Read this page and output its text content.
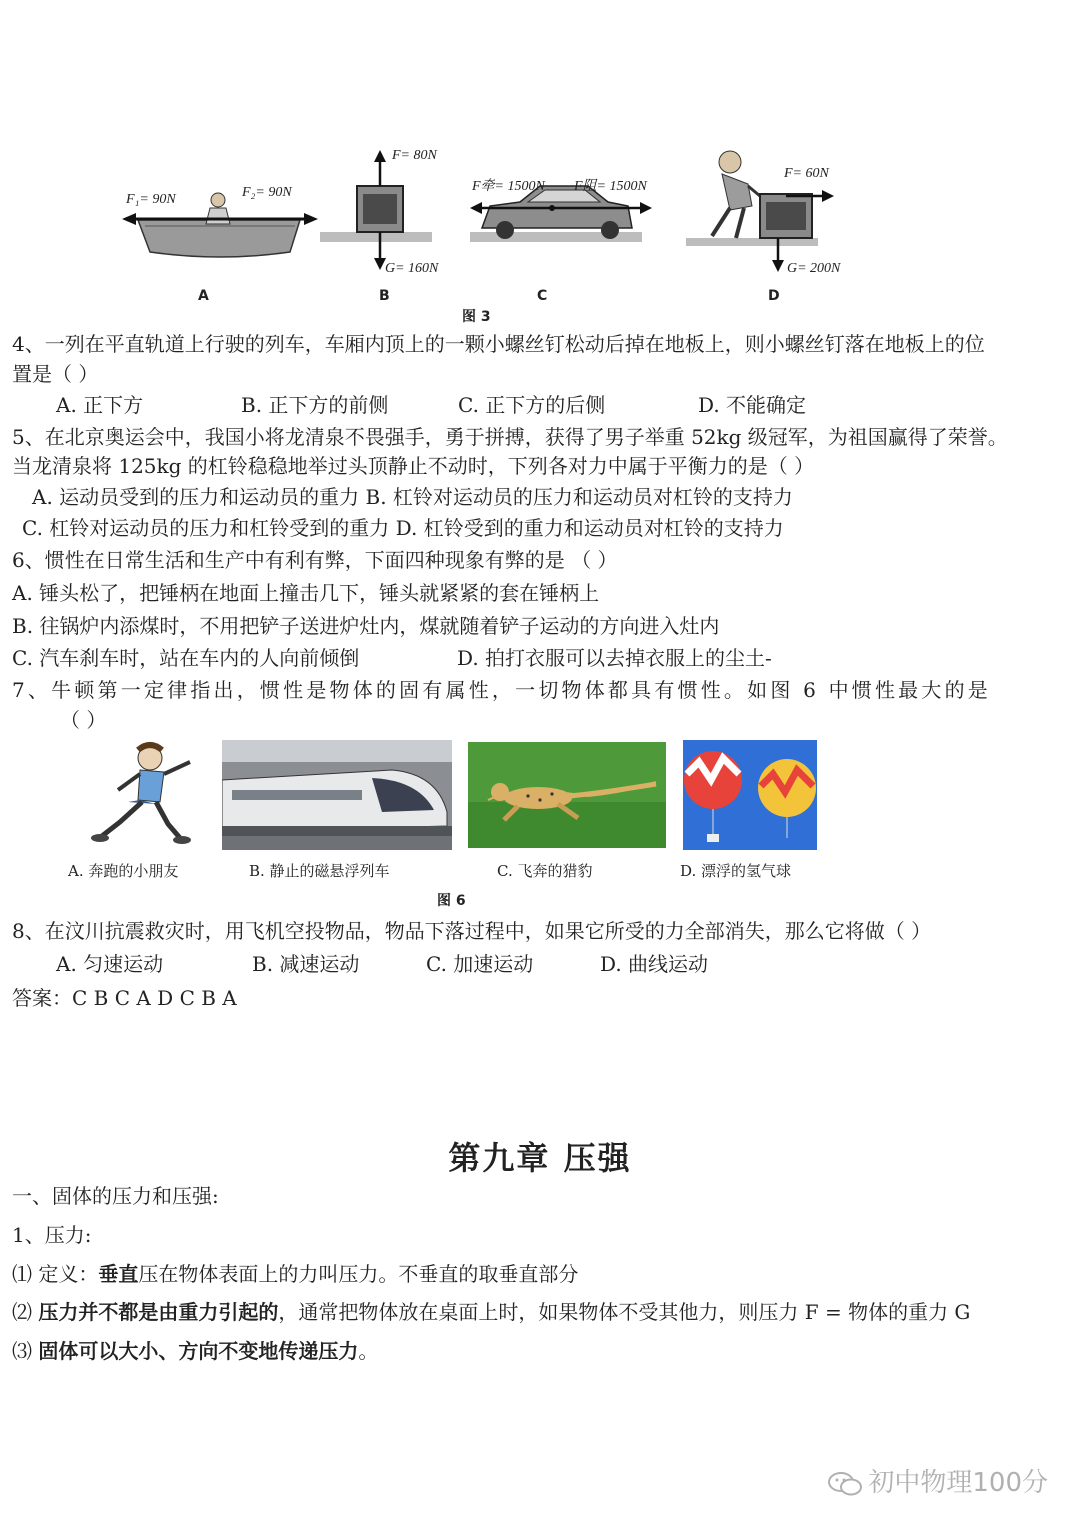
F₁= 90N	F₂= 90N
F= 80N
G= 160N
F牵= 1500N F阻= 1500N
F= 60N
G= 200N
A	B	C	D
图 3
4、一列在平直轨道上行驶的列车，车厢内顶上的一颗小螺丝钉松动后掉在地板上，则小螺丝钉落在地板上的位
置是（ ）
A. 正下方	B. 正下方的前侧	C. 正下方的后侧	D. 不能确定
5、在北京奥运会中，我国小将龙清泉不畏强手，勇于拼搏，获得了男子举重 52kg 级冠军，为祖国赢得了荣誉。
当龙清泉将 125kg 的杠铃稳稳地举过头顶静止不动时，下列各对力中属于平衡力的是（ ）
A. 运动员受到的压力和运动员的重力 B. 杠铃对运动员的压力和运动员对杠铃的支持力
C. 杠铃对运动员的压力和杠铃受到的重力 D. 杠铃受到的重力和运动员对杠铃的支持力
6、惯性在日常生活和生产中有利有弊，下面四种现象有弊的是 （ ）
A. 锤头松了，把锤柄在地面上撞击几下，锤头就紧紧的套在锤柄上
B. 往锅炉内添煤时，不用把铲子送进炉灶内，煤就随着铲子运动的方向进入灶内
C. 汽车刹车时，站在车内的人向前倾倒	D. 拍打衣服可以去掉衣服上的尘土-
7、牛顿第一定律指出，惯性是物体的固有属性，一切物体都具有惯性。如图 6 中惯性最大的是
（ ）
A. 奔跑的小朋友	B. 静止的磁悬浮列车	C. 飞奔的猎豹	D. 漂浮的氢气球
图 6
8、在汶川抗震救灾时，用飞机空投物品，物品下落过程中，如果它所受的力全部消失，那么它将做（ ）
A. 匀速运动	B. 减速运动	C. 加速运动	D. 曲线运动
答案：C B C A D C B A
第九章 压强
一、固体的压力和压强:
1、压力:
⑴ 定义：垂直压在物体表面上的力叫压力。不垂直的取垂直部分
⑵ 压力并不都是由重力引起的，通常把物体放在桌面上时，如果物体不受其他力，则压力 F = 物体的重力 G
⑶ 固体可以大小、方向不变地传递压力。
初中物理100分
